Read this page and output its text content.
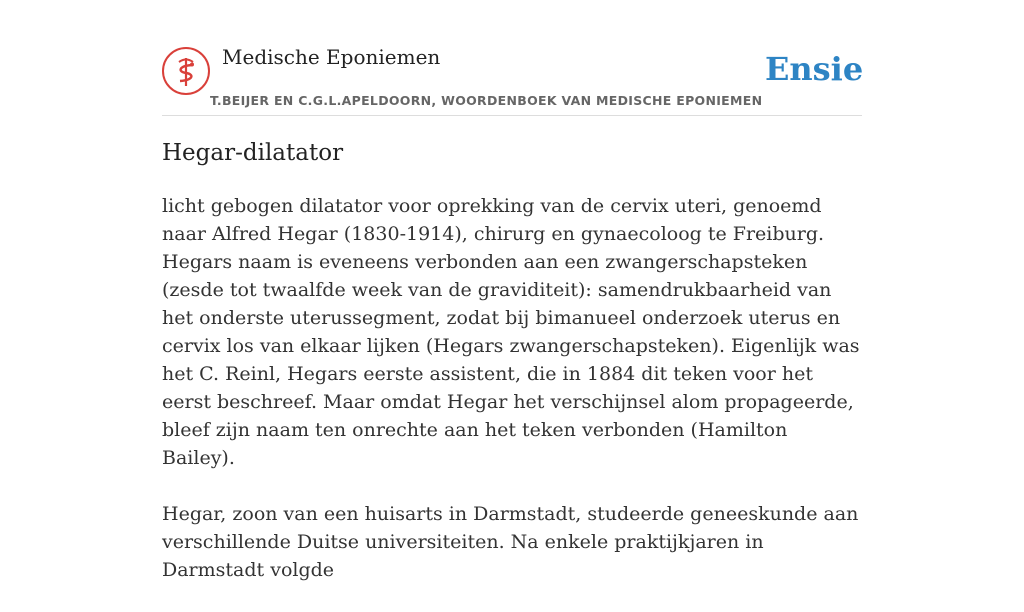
Medische Eponiemen
T.BEIJER EN C.G.L.APELDOORN, WOORDENBOEK VAN MEDISCHE EPONIEMEN
Ensie
Hegar-dilatator

licht gebogen dilatator voor oprekking van de cervix uteri, genoemd naar Alfred Hegar (1830-1914), chirurg en gynaecoloog te Freiburg. Hegars naam is eveneens verbonden aan een zwangerschapsteken (zesde tot twaalfde week van de graviditeit): samendrukbaarheid van het onderste uterussegment, zodat bij bimanueel onderzoek uterus en cervix los van elkaar lijken (Hegars zwangerschapsteken). Eigenlijk was het C. Reinl, Hegars eerste assistent, die in 1884 dit teken voor het eerst beschreef. Maar omdat Hegar het verschijnsel alom propageerde, bleef zijn naam ten onrechte aan het teken verbonden (Hamilton Bailey).

Hegar, zoon van een huisarts in Darmstadt, studeerde geneeskunde aan verschillende Duitse universiteiten. Na enkele praktijkjaren in Darmstadt volgde
